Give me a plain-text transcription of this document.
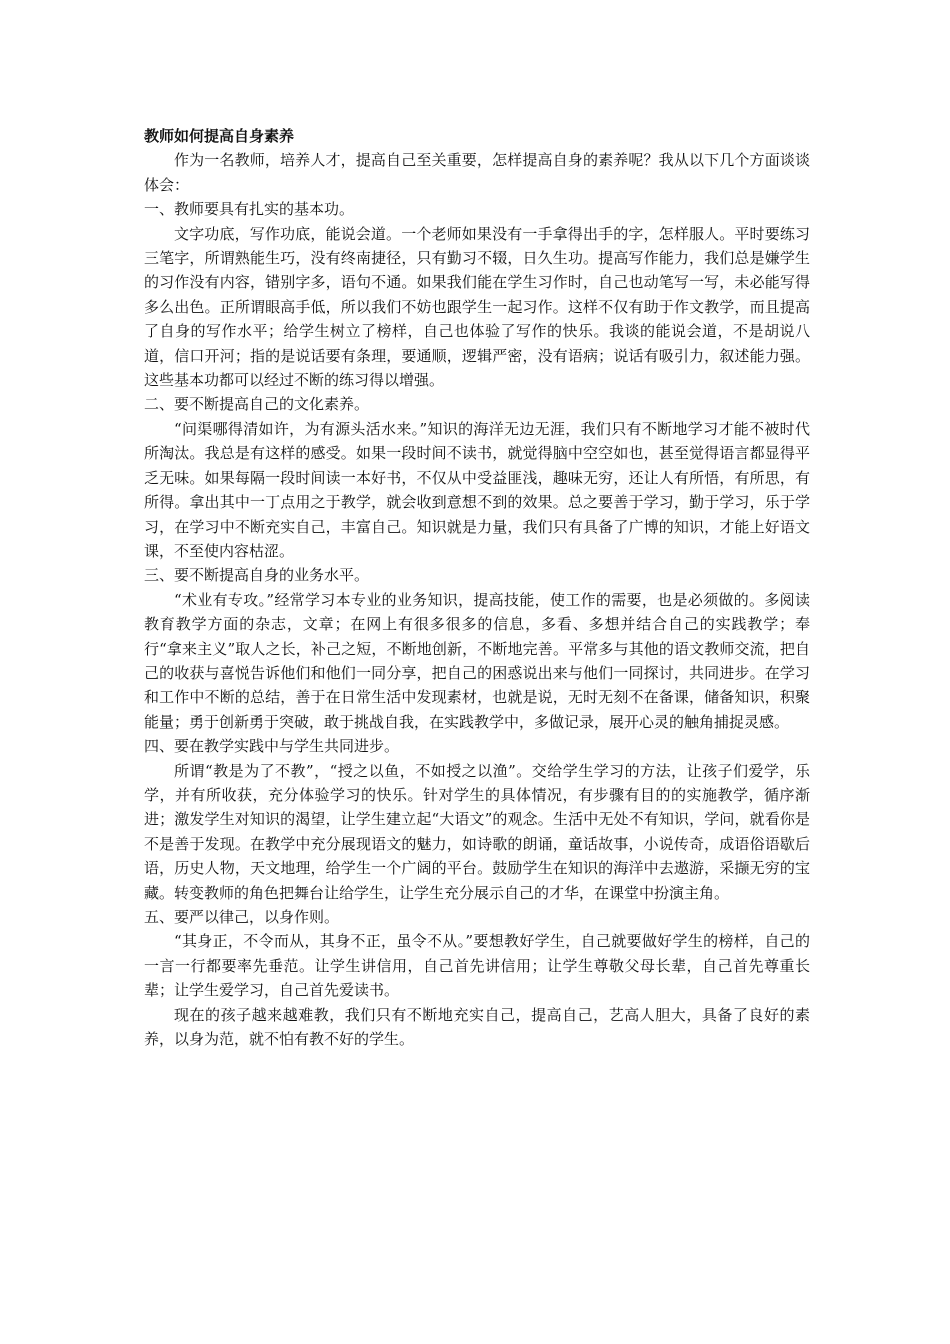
教师如何提高自身素养

作为一名教师，培养人才，提高自己至关重要，怎样提高自身的素养呢？我从以下几个方面谈谈体会：

一、教师要具有扎实的基本功。

文字功底，写作功底，能说会道。一个老师如果没有一手拿得出手的字，怎样服人。平时要练习三笔字，所谓熟能生巧，没有终南捷径，只有勤习不辍，日久生功。提高写作能力，我们总是嫌学生的习作没有内容，错别字多，语句不通。如果我们能在学生习作时，自己也动笔写一写，未必能写得多么出色。正所谓眼高手低，所以我们不妨也跟学生一起习作。这样不仅有助于作文教学，而且提高了自身的写作水平；给学生树立了榜样，自己也体验了写作的快乐。我谈的能说会道，不是胡说八道，信口开河；指的是说话要有条理，要通顺，逻辑严密，没有语病；说话有吸引力，叙述能力强。这些基本功都可以经过不断的练习得以增强。

二、要不断提高自己的文化素养。

“问渠哪得清如许，为有源头活水来。”知识的海洋无边无涯，我们只有不断地学习才能不被时代所淘汰。我总是有这样的感受。如果一段时间不读书，就觉得脑中空空如也，甚至觉得语言都显得平乏无味。如果每隔一段时间读一本好书，不仅从中受益匪浅，趣味无穷，还让人有所悟，有所思，有所得。拿出其中一丁点用之于教学，就会收到意想不到的效果。总之要善于学习，勤于学习，乐于学习，在学习中不断充实自己，丰富自己。知识就是力量，我们只有具备了广博的知识，才能上好语文课，不至使内容枯涩。

三、要不断提高自身的业务水平。

“术业有专攻。”经常学习本专业的业务知识，提高技能，使工作的需要，也是必须做的。多阅读教育教学方面的杂志，文章；在网上有很多很多的信息，多看、多想并结合自己的实践教学；奉行“拿来主义”取人之长，补己之短，不断地创新，不断地完善。平常多与其他的语文教师交流，把自己的收获与喜悦告诉他们和他们一同分享，把自己的困惑说出来与他们一同探讨，共同进步。在学习和工作中不断的总结，善于在日常生活中发现素材，也就是说，无时无刻不在备课，储备知识，积聚能量；勇于创新勇于突破，敢于挑战自我，在实践教学中，多做记录，展开心灵的触角捕捉灵感。

四、要在教学实践中与学生共同进步。

所谓“教是为了不教”，“授之以鱼，不如授之以渔”。交给学生学习的方法，让孩子们爱学，乐学，并有所收获，充分体验学习的快乐。针对学生的具体情况，有步骤有目的的实施教学，循序渐进；激发学生对知识的渴望，让学生建立起“大语文”的观念。生活中无处不有知识，学问，就看你是不是善于发现。在教学中充分展现语文的魅力，如诗歌的朗诵，童话故事，小说传奇，成语俗语歇后语，历史人物，天文地理，给学生一个广阔的平台。鼓励学生在知识的海洋中去遨游，采撷无穷的宝藏。转变教师的角色把舞台让给学生，让学生充分展示自己的才华，在课堂中扮演主角。

五、要严以律己，以身作则。

“其身正，不令而从，其身不正，虽令不从。”要想教好学生，自己就要做好学生的榜样，自己的一言一行都要率先垂范。让学生讲信用，自己首先讲信用；让学生尊敬父母长辈，自己首先尊重长辈；让学生爱学习，自己首先爱读书。

现在的孩子越来越难教，我们只有不断地充实自己，提高自己，艺高人胆大，具备了良好的素养，以身为范，就不怕有教不好的学生。
